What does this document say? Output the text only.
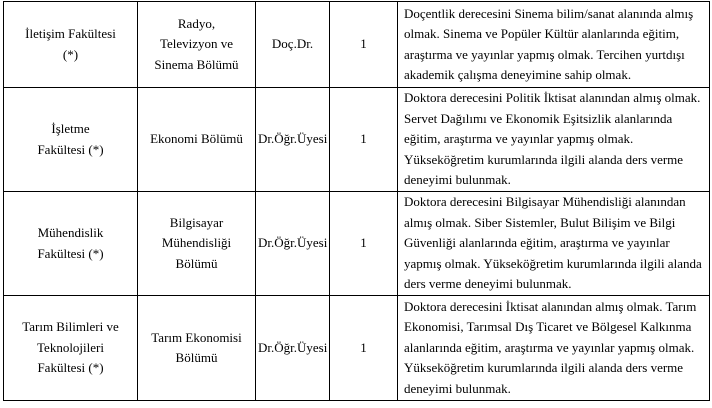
İletişim Fakültesi (*)	Radyo, Televizyon ve Sinema Bölümü	Doç.Dr.	1	Doçentlik derecesini Sinema bilim/sanat alanında almış olmak. Sinema ve Popüler Kültür alanlarında eğitim, araştırma ve yayınlar yapmış olmak. Tercihen yurtdışı akademik çalışma deneyimine sahip olmak.
İşletme Fakültesi (*)	Ekonomi Bölümü	Dr.Öğr.Üyesi	1	Doktora derecesini Politik İktisat alanından almış olmak. Servet Dağılımı ve Ekonomik Eşitsizlik alanlarında eğitim, araştırma ve yayınlar yapmış olmak. Yükseköğretim kurumlarında ilgili alanda ders verme deneyimi bulunmak.
Mühendislik Fakültesi (*)	Bilgisayar Mühendisliği Bölümü	Dr.Öğr.Üyesi	1	Doktora derecesini Bilgisayar Mühendisliği alanından almış olmak. Siber Sistemler, Bulut Bilişim ve Bilgi Güvenliği alanlarında eğitim, araştırma ve yayınlar yapmış olmak. Yükseköğretim kurumlarında ilgili alanda ders verme deneyimi bulunmak.
Tarım Bilimleri ve Teknolojileri Fakültesi (*)	Tarım Ekonomisi Bölümü	Dr.Öğr.Üyesi	1	Doktora derecesini İktisat alanından almış olmak. Tarım Ekonomisi, Tarımsal Dış Ticaret ve Bölgesel Kalkınma alanlarında eğitim, araştırma ve yayınlar yapmış olmak. Yükseköğretim kurumlarında ilgili alanda ders verme deneyimi bulunmak.
